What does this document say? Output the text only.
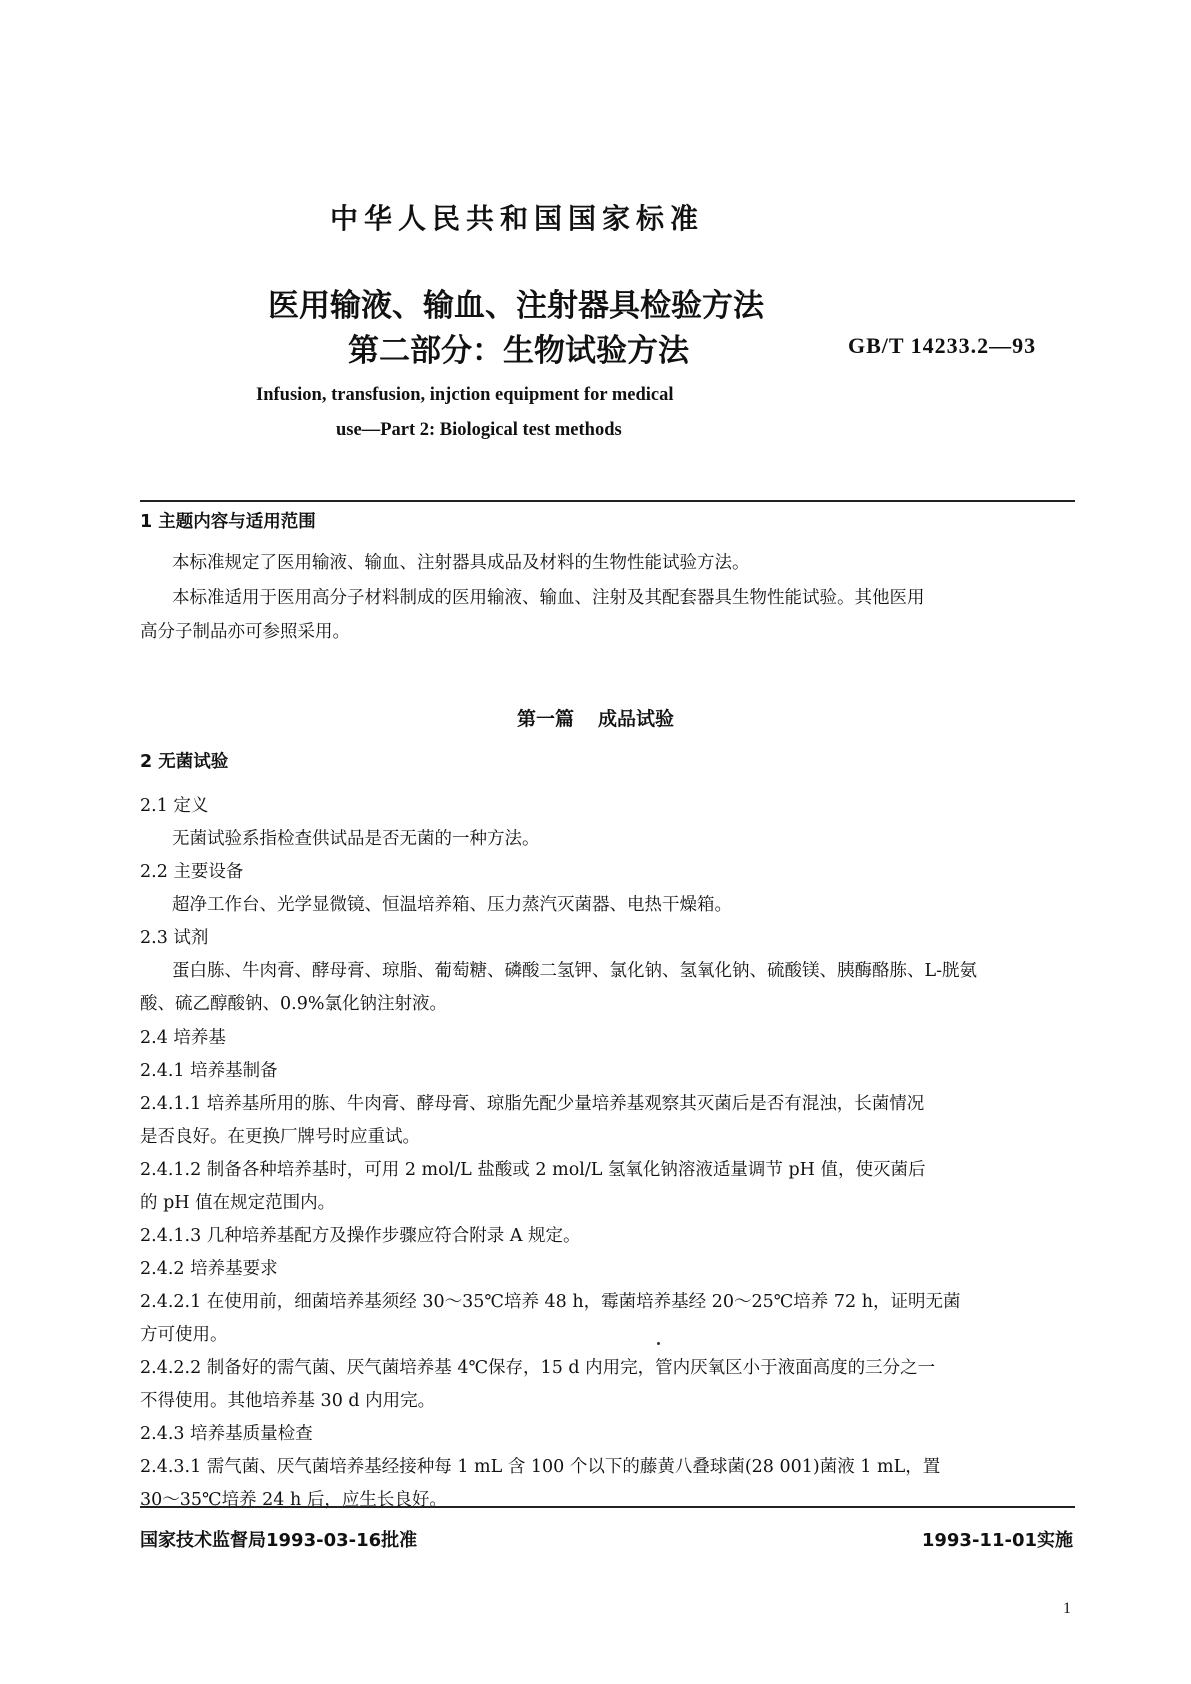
中华人民共和国国家标准
医用输液、输血、注射器具检验方法
第二部分：生物试验方法	GB/T 14233.2—93
Infusion, transfusion, injction equipment for medical
use—Part 2: Biological test methods
1 主题内容与适用范围
本标准规定了医用输液、输血、注射器具成品及材料的生物性能试验方法。
本标准适用于医用高分子材料制成的医用输液、输血、注射及其配套器具生物性能试验。其他医用
高分子制品亦可参照采用。
2 无菌试验
2.1 定义
无菌试验系指检查供试品是否无菌的一种方法。
2.2 主要设备
超净工作台、光学显微镜、恒温培养箱、压力蒸汽灭菌器、电热干燥箱。
2.3 试剂
蛋白胨、牛肉膏、酵母膏、琼脂、葡萄糖、磷酸二氢钾、氯化钠、氢氧化钠、硫酸镁、胰酶酪胨、L-胱氨
酸、硫乙醇酸钠、0.9%氯化钠注射液。
2.4 培养基
2.4.1 培养基制备
2.4.1.1 培养基所用的胨、牛肉膏、酵母膏、琼脂先配少量培养基观察其灭菌后是否有混浊，长菌情况
是否良好。在更换厂牌号时应重试。
2.4.1.2 制备各种培养基时，可用 2 mol/L 盐酸或 2 mol/L 氢氧化钠溶液适量调节 pH 值，使灭菌后
的 pH 值在规定范围内。
2.4.1.3 几种培养基配方及操作步骤应符合附录 A 规定。
2.4.2 培养基要求
2.4.2.1 在使用前，细菌培养基须经 30～35℃培养 48 h，霉菌培养基经 20～25℃培养 72 h，证明无菌
方可使用。
2.4.2.2 制备好的需气菌、厌气菌培养基 4℃保存，15 d 内用完，管内厌氧区小于液面高度的三分之一
不得使用。其他培养基 30 d 内用完。
2.4.3 培养基质量检查
2.4.3.1 需气菌、厌气菌培养基经接种每 1 mL 含 100 个以下的藤黄八叠球菌(28 001)菌液 1 mL，置
30～35℃培养 24 h 后，应生长良好。
第一篇 成品试验
国家技术监督局1993-03-16批准	1993-11-01实施
1
